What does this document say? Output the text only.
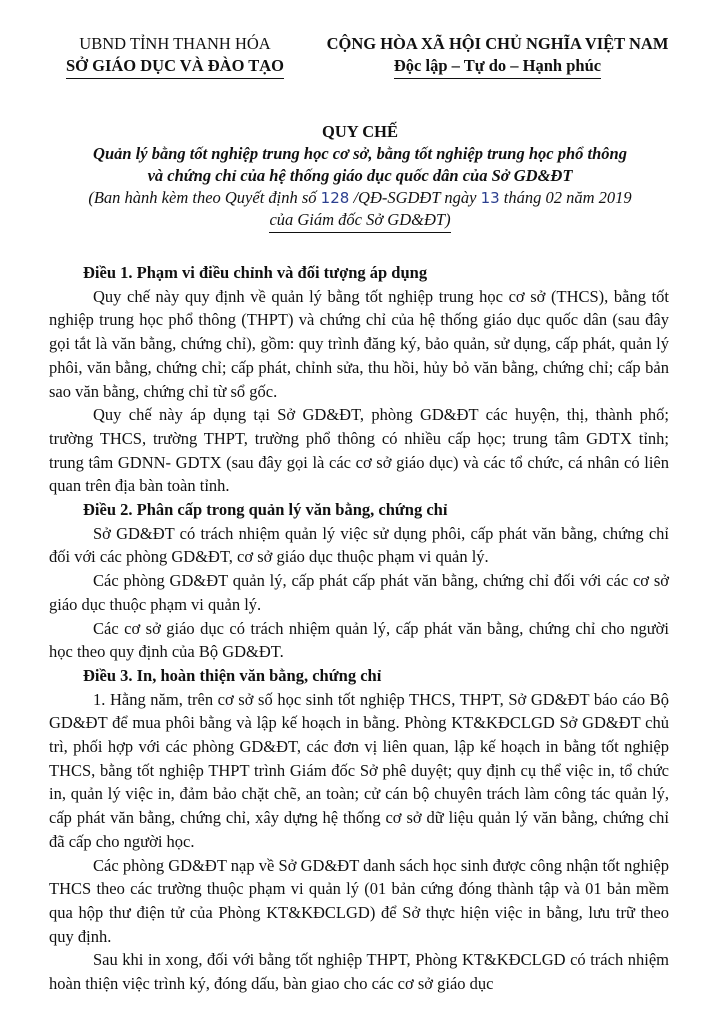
UBND TỈNH THANH HÓA
SỞ GIÁO DỤC VÀ ĐÀO TẠO
CỘNG HÒA XÃ HỘI CHỦ NGHĨA VIỆT NAM
Độc lập – Tự do – Hạnh phúc
QUY CHẾ
Quản lý bằng tốt nghiệp trung học cơ sở, bằng tốt nghiệp trung học phổ thông
và chứng chỉ của hệ thống giáo dục quốc dân của Sở GD&ĐT
(Ban hành kèm theo Quyết định số 128 /QĐ-SGDĐT ngày 13 tháng 02 năm 2019
của Giám đốc Sở GD&ĐT)

Điều 1. Phạm vi điều chỉnh và đối tượng áp dụng

Quy chế này quy định về quản lý bằng tốt nghiệp trung học cơ sở (THCS), bằng tốt nghiệp trung học phổ thông (THPT) và chứng chỉ của hệ thống giáo dục quốc dân (sau đây gọi tắt là văn bằng, chứng chỉ), gồm: quy trình đăng ký, bảo quản, sử dụng, cấp phát, quản lý phôi, văn bằng, chứng chỉ; cấp phát, chỉnh sửa, thu hồi, hủy bỏ văn bằng, chứng chỉ; cấp bản sao văn bằng, chứng chỉ từ sổ gốc.

Quy chế này áp dụng tại Sở GD&ĐT, phòng GD&ĐT các huyện, thị, thành phố; trường THCS, trường THPT, trường phổ thông có nhiều cấp học; trung tâm GDTX tỉnh; trung tâm GDNN- GDTX (sau đây gọi là các cơ sở giáo dục) và các tổ chức, cá nhân có liên quan trên địa bàn toàn tỉnh.

Điều 2. Phân cấp trong quản lý văn bằng, chứng chỉ

Sở GD&ĐT có trách nhiệm quản lý việc sử dụng phôi, cấp phát văn bằng, chứng chỉ đối với các phòng GD&ĐT, cơ sở giáo dục thuộc phạm vi quản lý.

Các phòng GD&ĐT quản lý, cấp phát cấp phát văn bằng, chứng chỉ đối với các cơ sở giáo dục thuộc phạm vi quản lý.

Các cơ sở giáo dục có trách nhiệm quản lý, cấp phát văn bằng, chứng chỉ cho người học theo quy định của Bộ GD&ĐT.

Điều 3. In, hoàn thiện văn bằng, chứng chỉ

1. Hằng năm, trên cơ sở số học sinh tốt nghiệp THCS, THPT, Sở GD&ĐT báo cáo Bộ GD&ĐT để mua phôi bằng và lập kế hoạch in bằng. Phòng KT&KĐCLGD Sở GD&ĐT chủ trì, phối hợp với các phòng GD&ĐT, các đơn vị liên quan, lập kế hoạch in bằng tốt nghiệp THCS, bằng tốt nghiệp THPT trình Giám đốc Sở phê duyệt; quy định cụ thể việc in, tổ chức in, quản lý việc in, đảm bảo chặt chẽ, an toàn; cử cán bộ chuyên trách làm công tác quản lý, cấp phát văn bằng, chứng chỉ, xây dựng hệ thống cơ sở dữ liệu quản lý văn bằng, chứng chỉ đã cấp cho người học.

Các phòng GD&ĐT nạp về Sở GD&ĐT danh sách học sinh được công nhận tốt nghiệp THCS theo các trường thuộc phạm vi quản lý (01 bản cứng đóng thành tập và 01 bản mềm qua hộp thư điện tử của Phòng KT&KĐCLGD) để Sở thực hiện việc in bằng, lưu trữ theo quy định.

Sau khi in xong, đối với bằng tốt nghiệp THPT, Phòng KT&KĐCLGD có trách nhiệm hoàn thiện việc trình ký, đóng dấu, bàn giao cho các cơ sở giáo dục
